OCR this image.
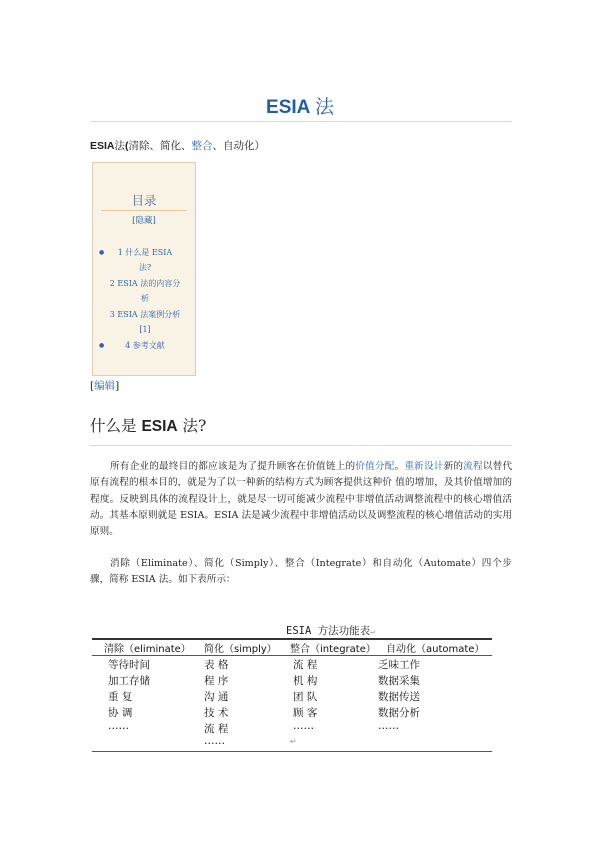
ESIA 法
ESIA法(清除、简化、整合、自动化）
目录
[隐藏]
● 1 什么是 ESIA
法?
2 ESIA 法的内容分
析
3 ESIA 法案例分析
[1]
● 4 参考文献
[编辑]
什么是 ESIA 法?
所有企业的最终目的都应该是为了提升顾客在价值链上的价值分配。重新设计新的流程以替代原有流程的根本目的，就是为了以一种新的结构方式为顾客提供这种价 值的增加，及其价值增加的程度。反映到具体的流程设计上，就是尽一切可能减少流程中非增值活动调整流程中的核心增值活动。其基本原则就是 ESIA。ESIA 法是减少流程中非增值活动以及调整流程的核心增值活动的实用原则。
消除（Eliminate）、简化（Simply）、整合（Integrate）和自动化（Automate）四个步骤，简称 ESIA 法。如下表所示：
ESIA 方法功能表↵
清除（eliminate） 简化（simply） 整合（integrate） 自动化（automate）
等待时间
加工存储
重 复
协 调
……
表 格
程 序
沟 通
技 术
流 程
……
流 程
机 构
团 队
顾 客
……
乏味工作
数据采集
数据传送
数据分析
……
↵
